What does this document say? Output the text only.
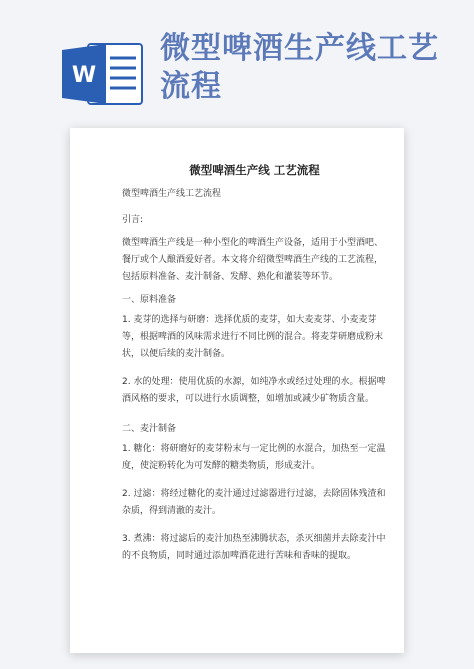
W
微型啤酒生产线工艺流程
微型啤酒生产线 工艺流程
微型啤酒生产线工艺流程
引言:
微型啤酒生产线是一种小型化的啤酒生产设备，适用于小型酒吧、餐厅或个人酿酒爱好者。本文将介绍微型啤酒生产线的工艺流程，包括原料准备、麦汁制备、发酵、熟化和灌装等环节。
一、原料准备
1. 麦芽的选择与研磨：选择优质的麦芽，如大麦麦芽、小麦麦芽等，根据啤酒的风味需求进行不同比例的混合。将麦芽研磨成粉末状，以便后续的麦汁制备。
2. 水的处理：使用优质的水源，如纯净水或经过处理的水。根据啤酒风格的要求，可以进行水质调整，如增加或减少矿物质含量。
二、麦汁制备
1. 糖化：将研磨好的麦芽粉末与一定比例的水混合，加热至一定温度，使淀粉转化为可发酵的糖类物质，形成麦汁。
2. 过滤：将经过糖化的麦汁通过过滤器进行过滤，去除固体残渣和杂质，得到清澈的麦汁。
3. 煮沸：将过滤后的麦汁加热至沸腾状态，杀灭细菌并去除麦汁中的不良物质，同时通过添加啤酒花进行苦味和香味的提取。
